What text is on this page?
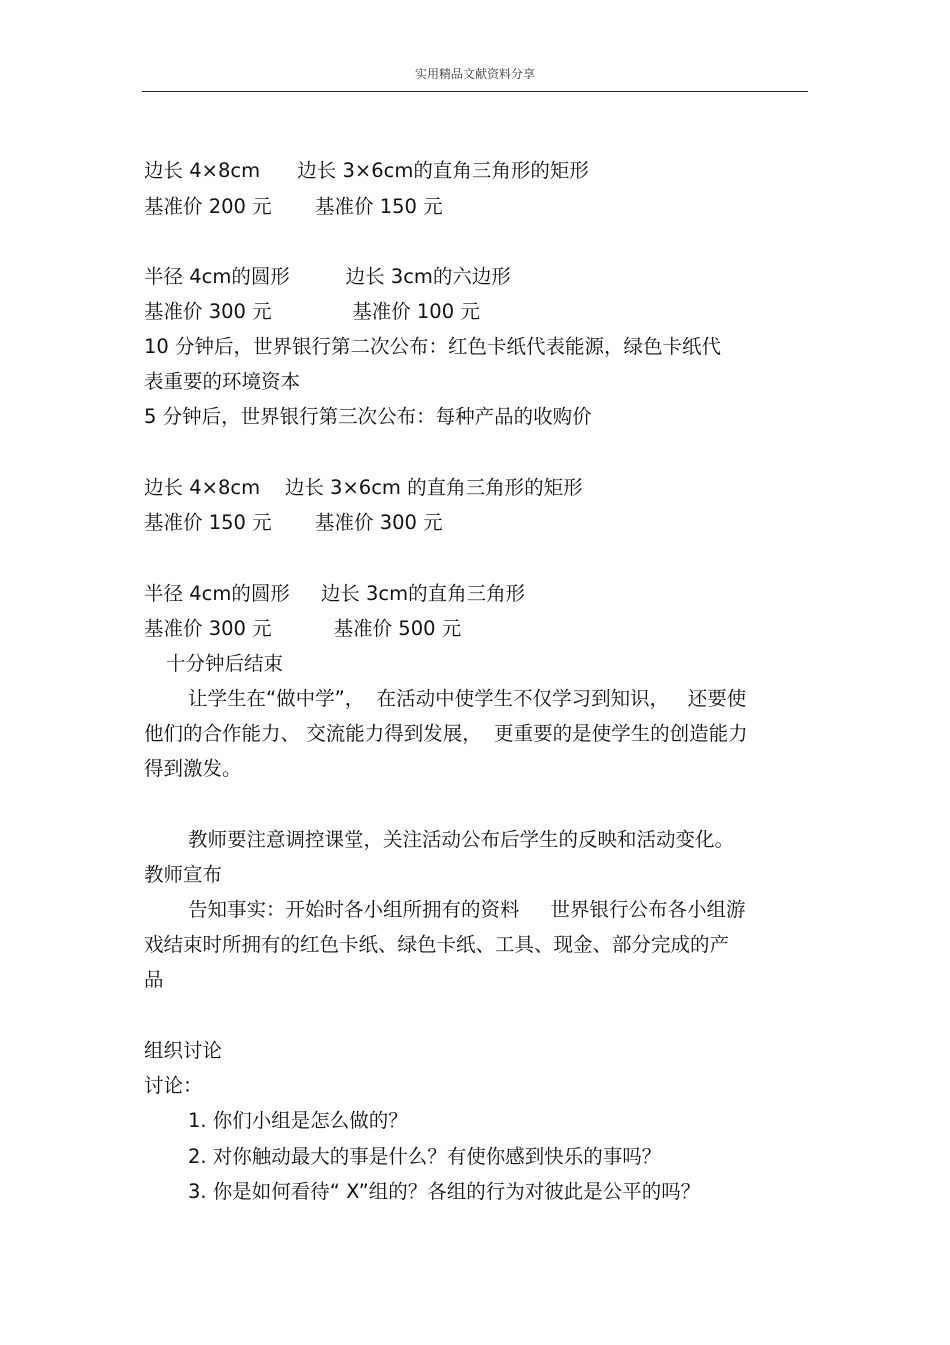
实用精品文献资料分享
边长 4×8cm      边长 3×6cm的直角三角形的矩形
基准价 200 元       基准价 150 元
半径 4cm的圆形         边长 3cm的六边形
基准价 300 元             基准价 100 元
10 分钟后，世界银行第二次公布：红色卡纸代表能源，绿色卡纸代
表重要的环境资本
5 分钟后，世界银行第三次公布：每种产品的收购价
边长 4×8cm    边长 3×6cm 的直角三角形的矩形
基准价 150 元       基准价 300 元
半径 4cm的圆形     边长 3cm的直角三角形
基准价 300 元          基准价 500 元
十分钟后结束
让学生在“做中学”，  在活动中使学生不仅学习到知识，   还要使
他们的合作能力、 交流能力得到发展，  更重要的是使学生的创造能力
得到激发。
教师要注意调控课堂，关注活动公布后学生的反映和活动变化。
教师宣布
告知事实：开始时各小组所拥有的资料     世界银行公布各小组游
戏结束时所拥有的红色卡纸、绿色卡纸、工具、现金、部分完成的产
品
组织讨论
讨论：
1. 你们小组是怎么做的？
2. 对你触动最大的事是什么？有使你感到快乐的事吗？
3. 你是如何看待“ X”组的？各组的行为对彼此是公平的吗？
